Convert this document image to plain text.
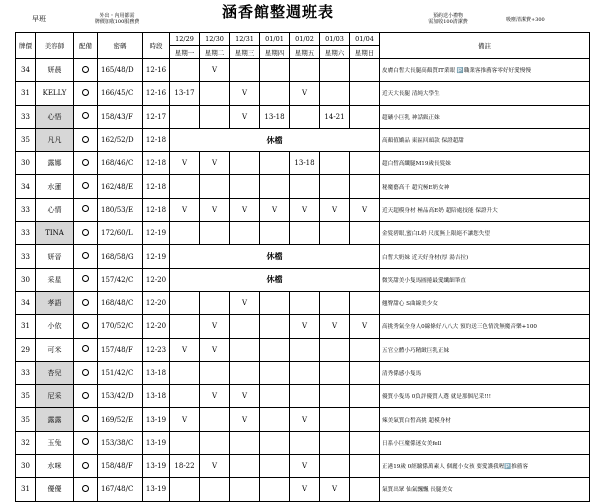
早班	外出・內用都需
牌價加收100服務費
涵香館整週班表	預約送小禮物
需加收100清潔費	吸塵清潔費+300
牌價	美容師	配備	密碼	時段	12/29	12/30	12/31	01/01	01/02	01/03	01/04	備註
					星期一	星期二	星期三	星期四	星期五	星期六	星期日	
34	妍晨		165/48/D	12-16		V						皮膚白皙大長腿高顏質IT業眼 🅿️職業客推薦客零好好愛慢慢
31	KELLY		166/45/C	12-16	13-17		V		V			近天大長腿 清純大學生
33	心悟		158/43/F	12-17			V	13-18		14-21		超礦小巨乳 神話級正妹
35	凡凡		162/52/D	12-18	休檔							高顏值嬌品 東區回頭款 保證超甜
30	露娜		168/46/C	12-18	V	V			13-18			超白皙高纖腿M19歲長髮妹
34	水蓮		162/48/E	12-18								秘魔藝高千 超究極E奶女神
33	心情		180/53/E	12-18	V	V	V	V	V	V	V	近天超模身材 極品高E奶 超陪處技能 保證升大
33	TINA		172/60/L	12-19								金髮碧眼,蜜白L奶 尺度無上限絕不讓您失望
33	妍晉		168/58/G	12-19	休檔							白皙大奶妹 近天好身材(厚 湯吉拉)
30	采星		157/42/C	12-20	休檔							微笑甜美小隻馬圓捲最愛纖細筆直
34	孝語		168/48/C	12-20			V					翹臀甜心 S曲線美少女
31	小依		170/52/C	12-20		V			V	V	V	高挑秀氣全身人0線條好八八大 預約送三色情洗無魔音樂+100
29	可米		157/48/F	12-23	V	V						五官立體小巧精緻巨乳正妹
33	杏兒		151/42/C	13-18								清秀係感小隻馬
35	尼采		153/42/D	13-18		V	V					優質小隻馬 0負評優質人選 就是那個尼采!!!
35	露露		169/52/E	13-19	V		V		V			辣美氣質白皙高挑 超模身材
32	玉兔		153/38/C	13-19								日系小巨魔係迷女美fell
30	水咪		158/48/F	13-19	18-22	V			V			正港19歲 0經驗係萬素人 個麗小女孩 要愛護我喔🅿️推薦客
31	優優		167/48/C	13-19					V	V		氣質出眾 仙氣飄飄 長腿美女
